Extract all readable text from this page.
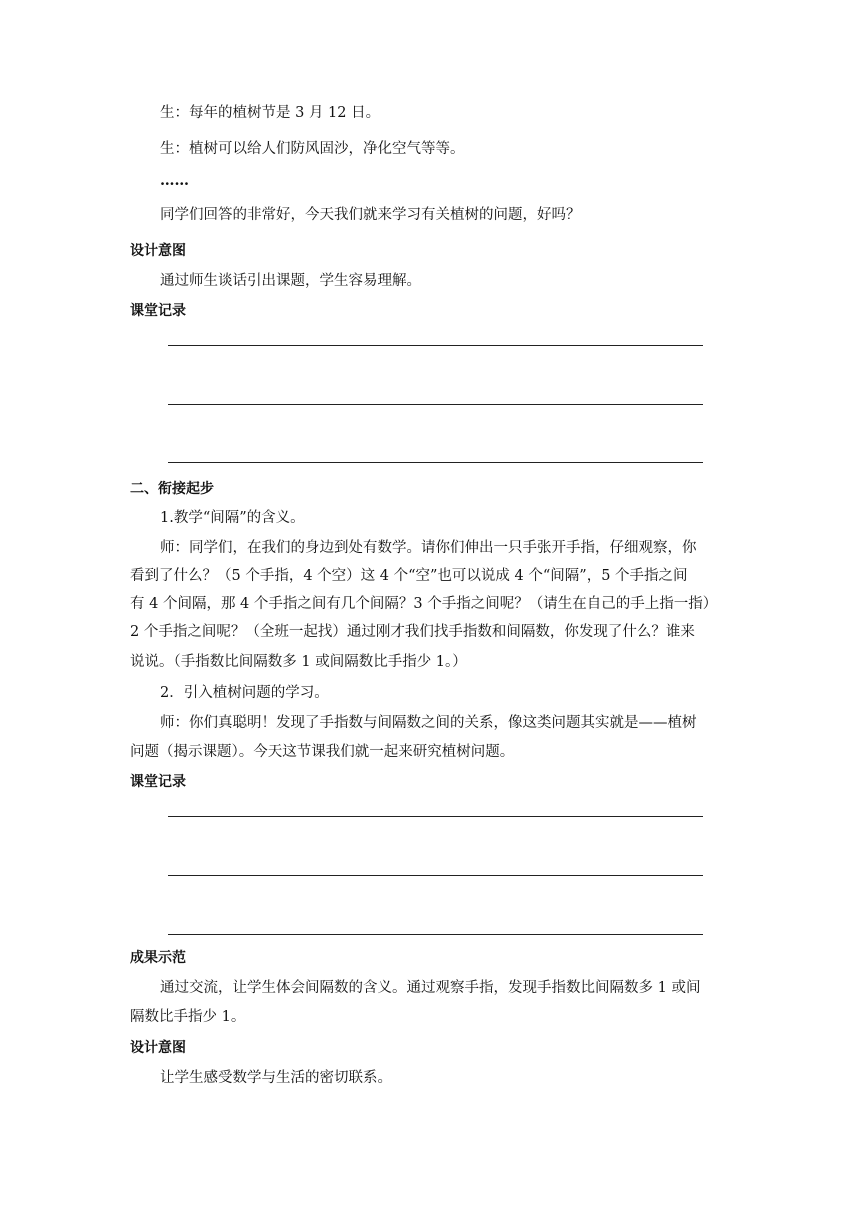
生：每年的植树节是 3 月 12 日。
生：植树可以给人们防风固沙，净化空气等等。
……
同学们回答的非常好，今天我们就来学习有关植树的问题，好吗？
设计意图
通过师生谈话引出课题，学生容易理解。
课堂记录
二、衔接起步
1.教学“间隔”的含义。
师：同学们，在我们的身边到处有数学。请你们伸出一只手张开手指，仔细观察，你
看到了什么？（5 个手指，4 个空）这 4 个“空”也可以说成 4 个“间隔”，5 个手指之间
有 4 个间隔，那 4 个手指之间有几个间隔？3 个手指之间呢？（请生在自己的手上指一指）
2 个手指之间呢？（全班一起找）通过刚才我们找手指数和间隔数，你发现了什么？谁来
说说。（手指数比间隔数多 1 或间隔数比手指少 1。）
2．引入植树问题的学习。
师：你们真聪明！发现了手指数与间隔数之间的关系，像这类问题其实就是——植树
问题（揭示课题）。今天这节课我们就一起来研究植树问题。
课堂记录
成果示范
通过交流，让学生体会间隔数的含义。通过观察手指，发现手指数比间隔数多 1 或间
隔数比手指少 1。
设计意图
让学生感受数学与生活的密切联系。
